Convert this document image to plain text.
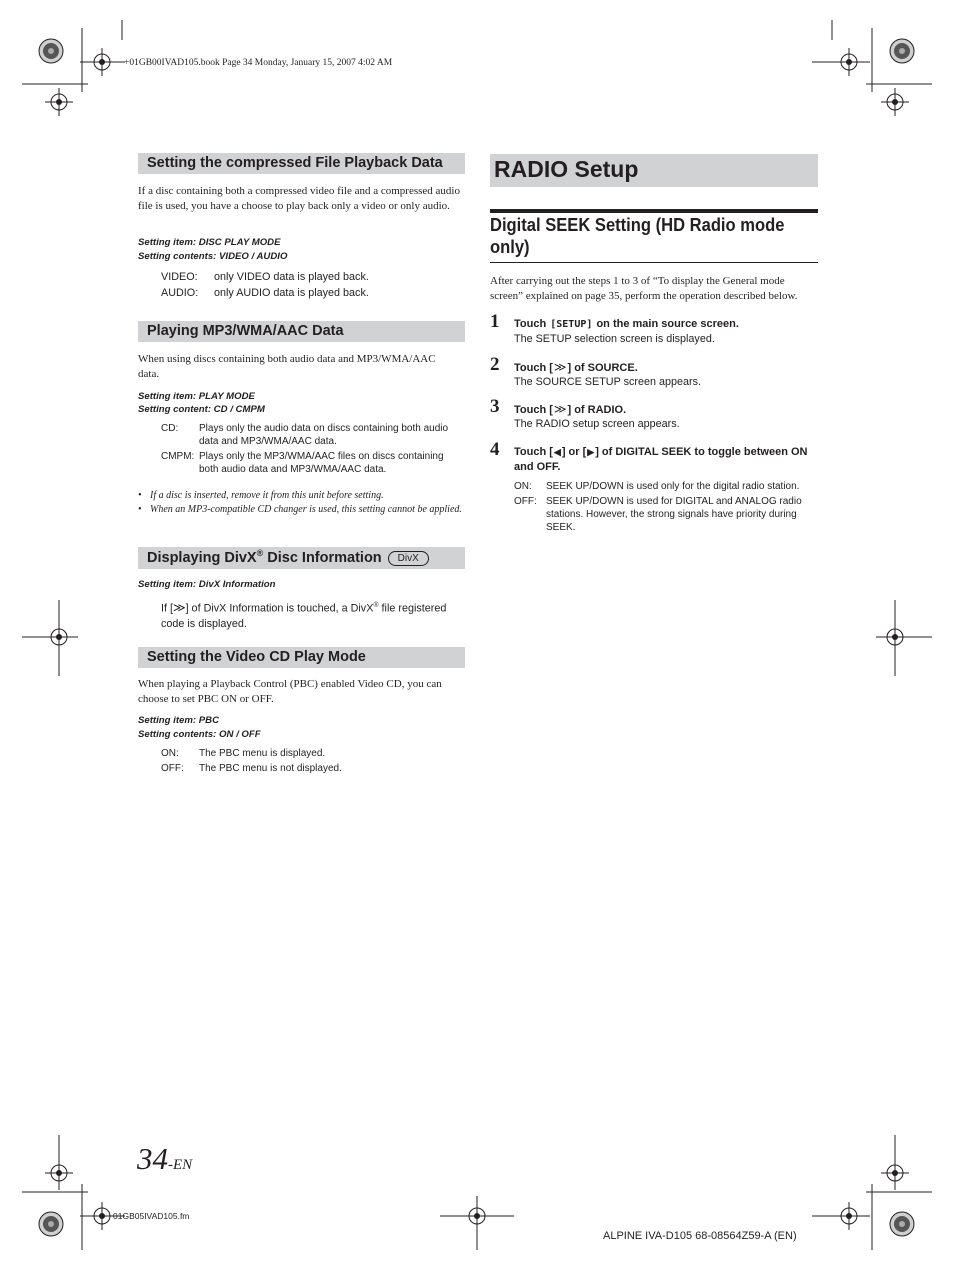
+01GB00IVAD105.book Page 34 Monday, January 15, 2007 4:02 AM
Setting the compressed File Playback Data
If a disc containing both a compressed video file and a compressed audio file is used, you have a choose to play back only a video or only audio.
Setting item: DISC PLAY MODE
Setting contents: VIDEO / AUDIO
VIDEO: only VIDEO data is played back.
AUDIO: only AUDIO data is played back.
Playing MP3/WMA/AAC Data
When using discs containing both audio data and MP3/WMA/AAC data.
Setting item: PLAY MODE
Setting content: CD / CMPM
CD: Plays only the audio data on discs containing both audio data and MP3/WMA/AAC data.
CMPM: Plays only the MP3/WMA/AAC files on discs containing both audio data and MP3/WMA/AAC data.
• If a disc is inserted, remove it from this unit before setting.
• When an MP3-compatible CD changer is used, this setting cannot be applied.
Displaying DivX® Disc Information DivX
Setting item: DivX Information
If [≫] of DivX Information is touched, a DivX® file registered code is displayed.
Setting the Video CD Play Mode
When playing a Playback Control (PBC) enabled Video CD, you can choose to set PBC ON or OFF.
Setting item: PBC
Setting contents: ON / OFF
ON: The PBC menu is displayed.
OFF: The PBC menu is not displayed.
RADIO Setup
Digital SEEK Setting (HD Radio mode only)
After carrying out the steps 1 to 3 of “To display the General mode screen” explained on page 35, perform the operation described below.
1 Touch [SETUP] on the main source screen.
The SETUP selection screen is displayed.
2 Touch [≫] of SOURCE.
The SOURCE SETUP screen appears.
3 Touch [≫] of RADIO.
The RADIO setup screen appears.
4 Touch [◀] or [▶] of DIGITAL SEEK to toggle between ON and OFF.
ON: SEEK UP/DOWN is used only for the digital radio station.
OFF: SEEK UP/DOWN is used for DIGITAL and ANALOG radio stations. However, the strong signals have priority during SEEK.
34-EN
01GB05IVAD105.fm
ALPINE IVA-D105 68-08564Z59-A (EN)
